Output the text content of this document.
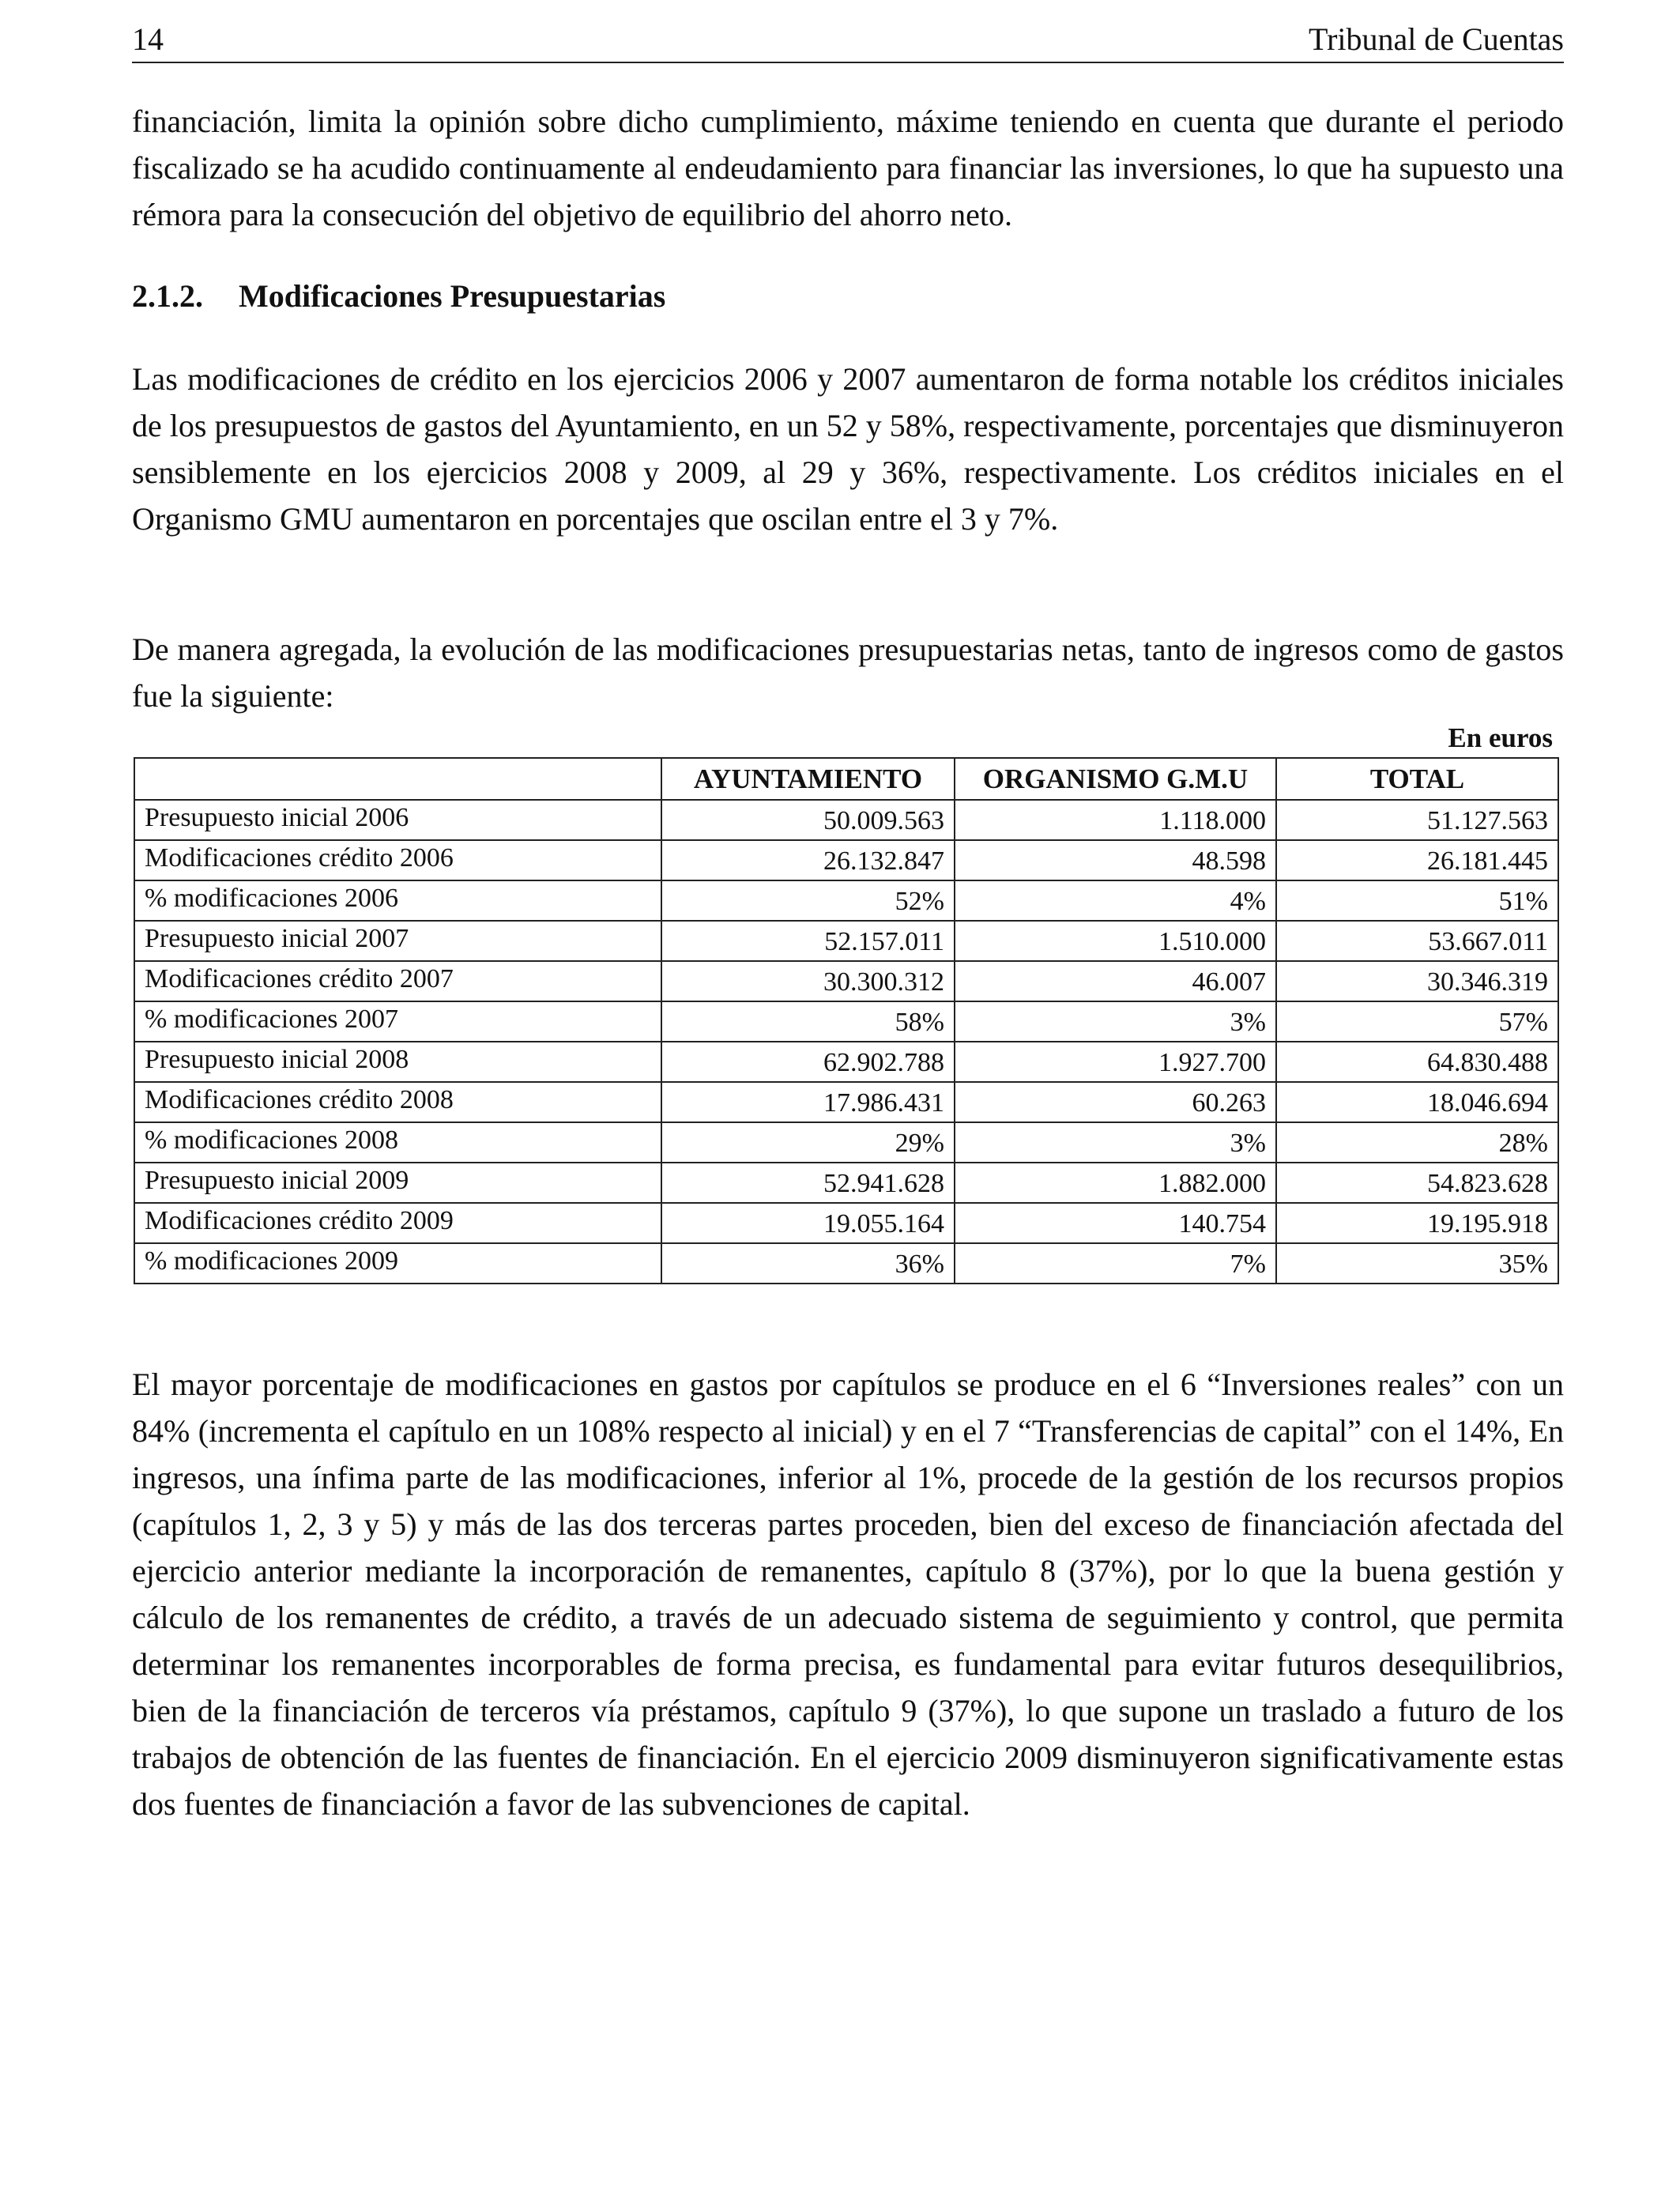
14	Tribunal de Cuentas

financiación, limita la opinión sobre dicho cumplimiento, máxime teniendo en cuenta que durante el periodo fiscalizado se ha acudido continuamente al endeudamiento para financiar las inversiones, lo que ha supuesto una rémora para la consecución del objetivo de equilibrio del ahorro neto.

2.1.2. Modificaciones Presupuestarias

Las modificaciones de crédito en los ejercicios 2006 y 2007 aumentaron de forma notable los créditos iniciales de los presupuestos de gastos del Ayuntamiento, en un 52 y 58%, respectivamente, porcentajes que disminuyeron sensiblemente en los ejercicios 2008 y 2009, al 29 y 36%, respectivamente. Los créditos iniciales en el Organismo GMU aumentaron en porcentajes que oscilan entre el 3 y 7%.

De manera agregada, la evolución de las modificaciones presupuestarias netas, tanto de ingresos como de gastos fue la siguiente:

En euros
	AYUNTAMIENTO	ORGANISMO G.M.U	TOTAL
Presupuesto inicial 2006	50.009.563	1.118.000	51.127.563
Modificaciones crédito 2006	26.132.847	48.598	26.181.445
% modificaciones 2006	52%	4%	51%
Presupuesto inicial 2007	52.157.011	1.510.000	53.667.011
Modificaciones crédito 2007	30.300.312	46.007	30.346.319
% modificaciones 2007	58%	3%	57%
Presupuesto inicial 2008	62.902.788	1.927.700	64.830.488
Modificaciones crédito 2008	17.986.431	60.263	18.046.694
% modificaciones 2008	29%	3%	28%
Presupuesto inicial 2009	52.941.628	1.882.000	54.823.628
Modificaciones crédito 2009	19.055.164	140.754	19.195.918
% modificaciones 2009	36%	7%	35%

El mayor porcentaje de modificaciones en gastos por capítulos se produce en el 6 “Inversiones reales” con un 84% (incrementa el capítulo en un 108% respecto al inicial) y en el 7 “Transferencias de capital” con el 14%, En ingresos, una ínfima parte de las modificaciones, inferior al 1%, procede de la gestión de los recursos propios (capítulos 1, 2, 3 y 5) y más de las dos terceras partes proceden, bien del exceso de financiación afectada del ejercicio anterior mediante la incorporación de remanentes, capítulo 8 (37%), por lo que la buena gestión y cálculo de los remanentes de crédito, a través de un adecuado sistema de seguimiento y control, que permita determinar los remanentes incorporables de forma precisa, es fundamental para evitar futuros desequilibrios, bien de la financiación de terceros vía préstamos, capítulo 9 (37%), lo que supone un traslado a futuro de los trabajos de obtención de las fuentes de financiación. En el ejercicio 2009 disminuyeron significativamente estas dos fuentes de financiación a favor de las subvenciones de capital.
